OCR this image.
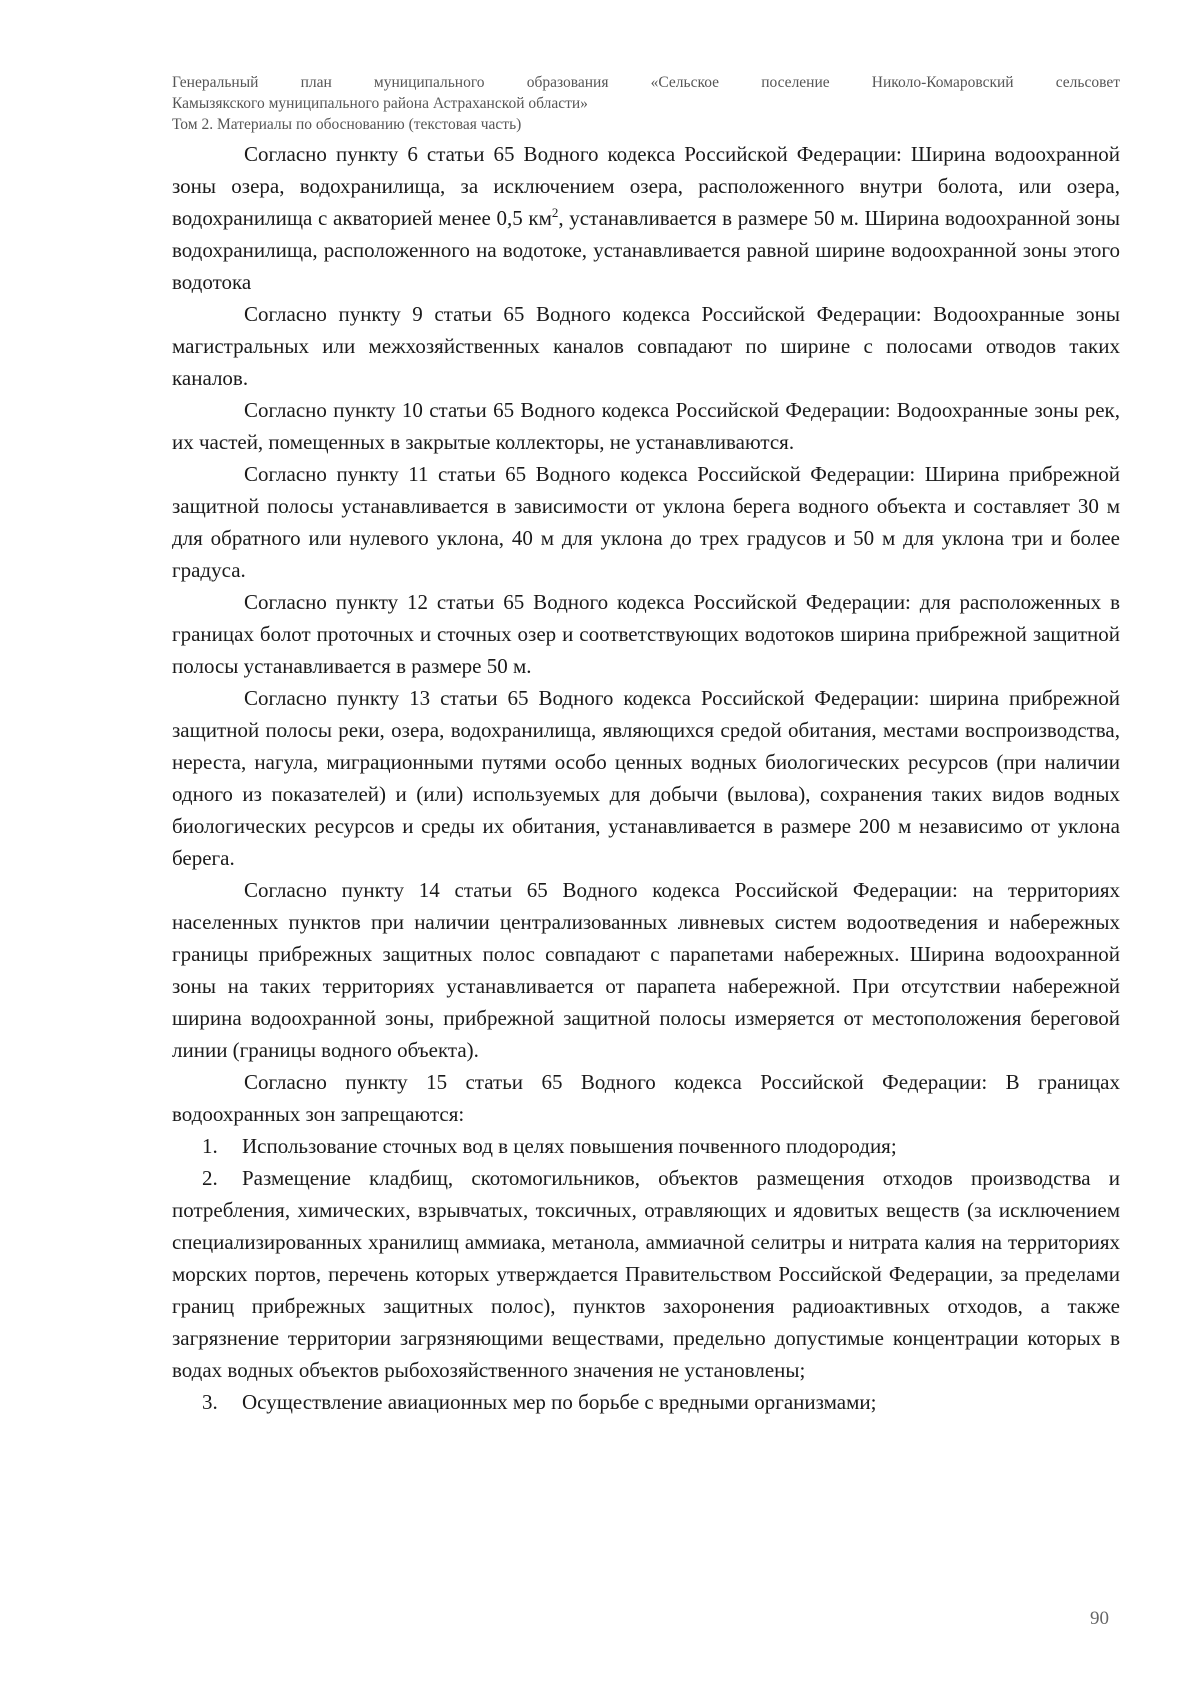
Генеральный план муниципального образования «Сельское поселение Николо-Комаровский сельсовет
Камызякского муниципального района Астраханской области»
Том 2. Материалы по обоснованию (текстовая часть)

Согласно пункту 6 статьи 65 Водного кодекса Российской Федерации: Ширина водоохранной зоны озера, водохранилища, за исключением озера, расположенного внутри болота, или озера, водохранилища с акваторией менее 0,5 $км^2$, устанавливается в размере 50 м. Ширина водоохранной зоны водохранилища, расположенного на водотоке, устанавливается равной ширине водоохранной зоны этого водотока

Согласно пункту 9 статьи 65 Водного кодекса Российской Федерации: Водоохранные зоны магистральных или межхозяйственных каналов совпадают по ширине с полосами отводов таких каналов.

Согласно пункту 10 статьи 65 Водного кодекса Российской Федерации: Водоохранные зоны рек, их частей, помещенных в закрытые коллекторы, не устанавливаются.

Согласно пункту 11 статьи 65 Водного кодекса Российской Федерации: Ширина прибрежной защитной полосы устанавливается в зависимости от уклона берега водного объекта и составляет 30 м для обратного или нулевого уклона, 40 м для уклона до трех градусов и 50 м для уклона три и более градуса.

Согласно пункту 12 статьи 65 Водного кодекса Российской Федерации: для расположенных в границах болот проточных и сточных озер и соответствующих водотоков ширина прибрежной защитной полосы устанавливается в размере 50 м.

Согласно пункту 13 статьи 65 Водного кодекса Российской Федерации: ширина прибрежной защитной полосы реки, озера, водохранилища, являющихся средой обитания, местами воспроизводства, нереста, нагула, миграционными путями особо ценных водных биологических ресурсов (при наличии одного из показателей) и (или) используемых для добычи (вылова), сохранения таких видов водных биологических ресурсов и среды их обитания, устанавливается в размере 200 м независимо от уклона берега.

Согласно пункту 14 статьи 65 Водного кодекса Российской Федерации: на территориях населенных пунктов при наличии централизованных ливневых систем водоотведения и набережных границы прибрежных защитных полос совпадают с парапетами набережных. Ширина водоохранной зоны на таких территориях устанавливается от парапета набережной. При отсутствии набережной ширина водоохранной зоны, прибрежной защитной полосы измеряется от местоположения береговой линии (границы водного объекта).

Согласно пункту 15 статьи 65 Водного кодекса Российской Федерации: В границах водоохранных зон запрещаются:

1. Использование сточных вод в целях повышения почвенного плодородия;

2. Размещение кладбищ, скотомогильников, объектов размещения отходов производства и потребления, химических, взрывчатых, токсичных, отравляющих и ядовитых веществ (за исключением специализированных хранилищ аммиака, метанола, аммиачной селитры и нитрата калия на территориях морских портов, перечень которых утверждается Правительством Российской Федерации, за пределами границ прибрежных защитных полос), пунктов захоронения радиоактивных отходов, а также загрязнение территории загрязняющими веществами, предельно допустимые концентрации которых в водах водных объектов рыбохозяйственного значения не установлены;

3. Осуществление авиационных мер по борьбе с вредными организмами;

90
